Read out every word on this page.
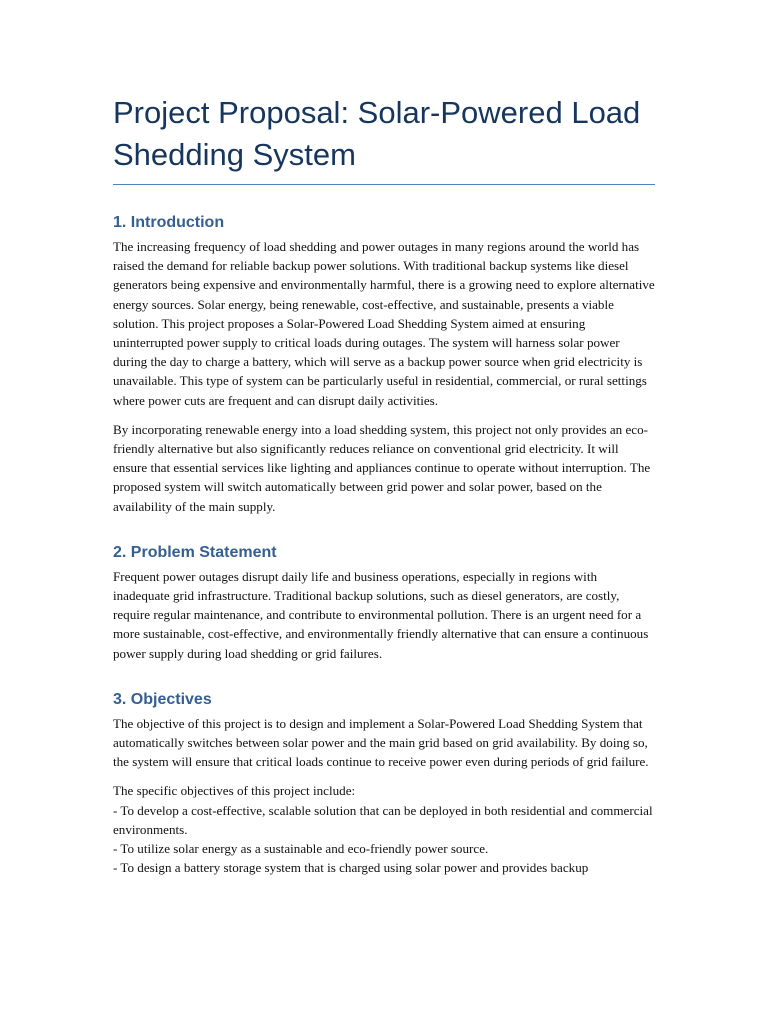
Project Proposal: Solar-Powered Load Shedding System
1. Introduction

The increasing frequency of load shedding and power outages in many regions around the world has raised the demand for reliable backup power solutions. With traditional backup systems like diesel generators being expensive and environmentally harmful, there is a growing need to explore alternative energy sources. Solar energy, being renewable, cost-effective, and sustainable, presents a viable solution. This project proposes a Solar-Powered Load Shedding System aimed at ensuring uninterrupted power supply to critical loads during outages. The system will harness solar power during the day to charge a battery, which will serve as a backup power source when grid electricity is unavailable. This type of system can be particularly useful in residential, commercial, or rural settings where power cuts are frequent and can disrupt daily activities.

By incorporating renewable energy into a load shedding system, this project not only provides an eco-friendly alternative but also significantly reduces reliance on conventional grid electricity. It will ensure that essential services like lighting and appliances continue to operate without interruption. The proposed system will switch automatically between grid power and solar power, based on the availability of the main supply.

2. Problem Statement

Frequent power outages disrupt daily life and business operations, especially in regions with inadequate grid infrastructure. Traditional backup solutions, such as diesel generators, are costly, require regular maintenance, and contribute to environmental pollution. There is an urgent need for a more sustainable, cost-effective, and environmentally friendly alternative that can ensure a continuous power supply during load shedding or grid failures.

3. Objectives

The objective of this project is to design and implement a Solar-Powered Load Shedding System that automatically switches between solar power and the main grid based on grid availability. By doing so, the system will ensure that critical loads continue to receive power even during periods of grid failure.

The specific objectives of this project include:
- To develop a cost-effective, scalable solution that can be deployed in both residential and commercial environments.
- To utilize solar energy as a sustainable and eco-friendly power source.
- To design a battery storage system that is charged using solar power and provides backup
